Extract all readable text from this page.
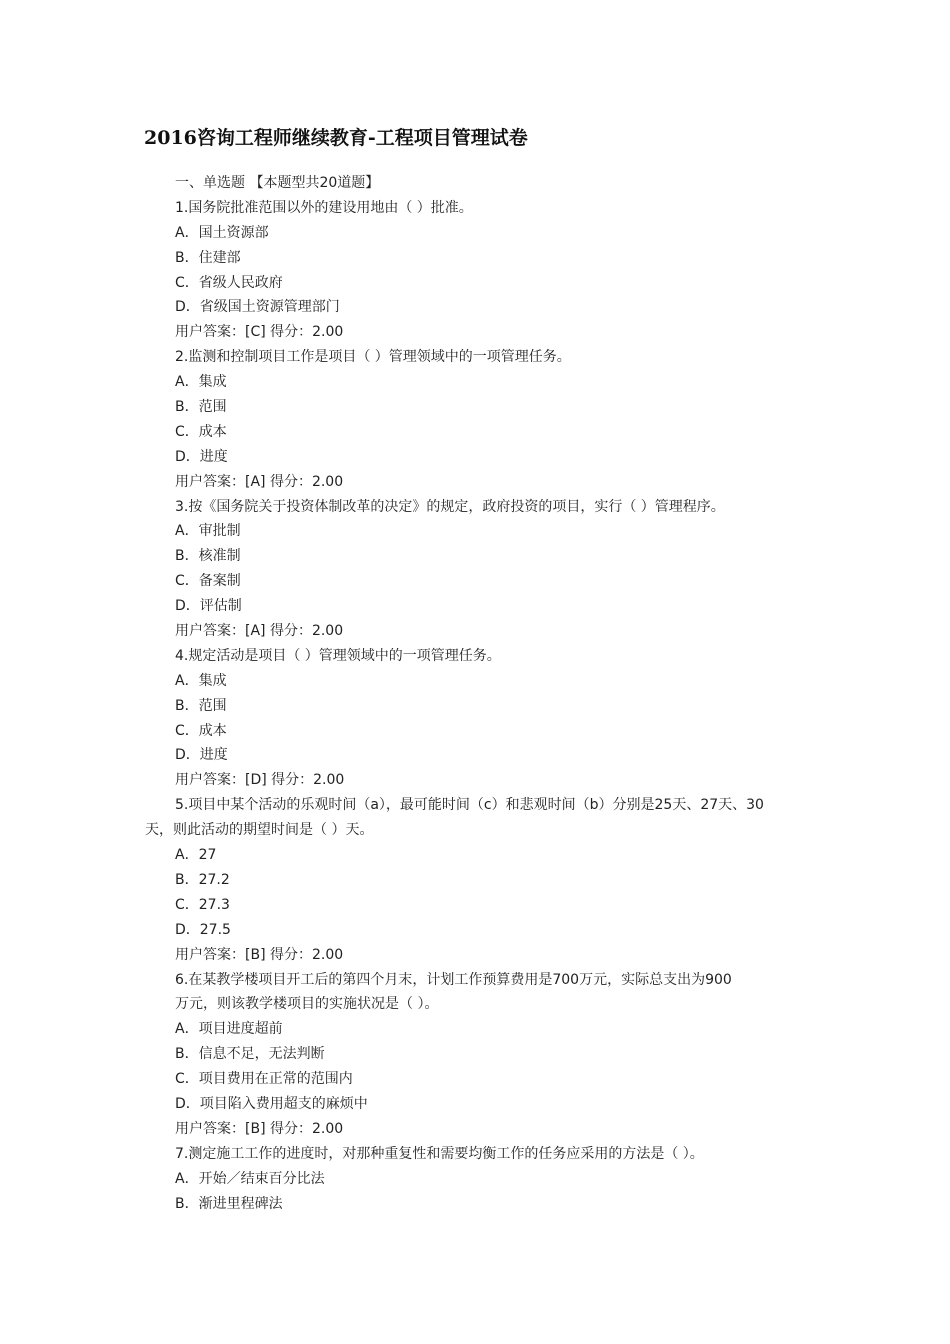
2016咨询工程师继续教育-工程项目管理试卷
一、单选题 【本题型共20道题】
1.国务院批准范围以外的建设用地由（ ）批准。
A．国土资源部
B．住建部
C．省级人民政府
D．省级国土资源管理部门
用户答案：[C] 得分：2.00
2.监测和控制项目工作是项目（ ）管理领域中的一项管理任务。
A．集成
B．范围
C．成本
D．进度
用户答案：[A] 得分：2.00
3.按《国务院关于投资体制改革的决定》的规定，政府投资的项目，实行（ ）管理程序。
A．审批制
B．核准制
C．备案制
D．评估制
用户答案：[A] 得分：2.00
4.规定活动是项目（ ）管理领域中的一项管理任务。
A．集成
B．范围
C．成本
D．进度
用户答案：[D] 得分：2.00
5.项目中某个活动的乐观时间（a），最可能时间（c）和悲观时间（b）分别是25天、27天、30
天，则此活动的期望时间是（ ）天。
A．27
B．27.2
C．27.3
D．27.5
用户答案：[B] 得分：2.00
6.在某教学楼项目开工后的第四个月末，计划工作预算费用是700万元，实际总支出为900
万元，则该教学楼项目的实施状况是（ ）。
A．项目进度超前
B．信息不足，无法判断
C．项目费用在正常的范围内
D．项目陷入费用超支的麻烦中
用户答案：[B] 得分：2.00
7.测定施工工作的进度时，对那种重复性和需要均衡工作的任务应采用的方法是（ ）。
A．开始／结束百分比法
B．渐进里程碑法
